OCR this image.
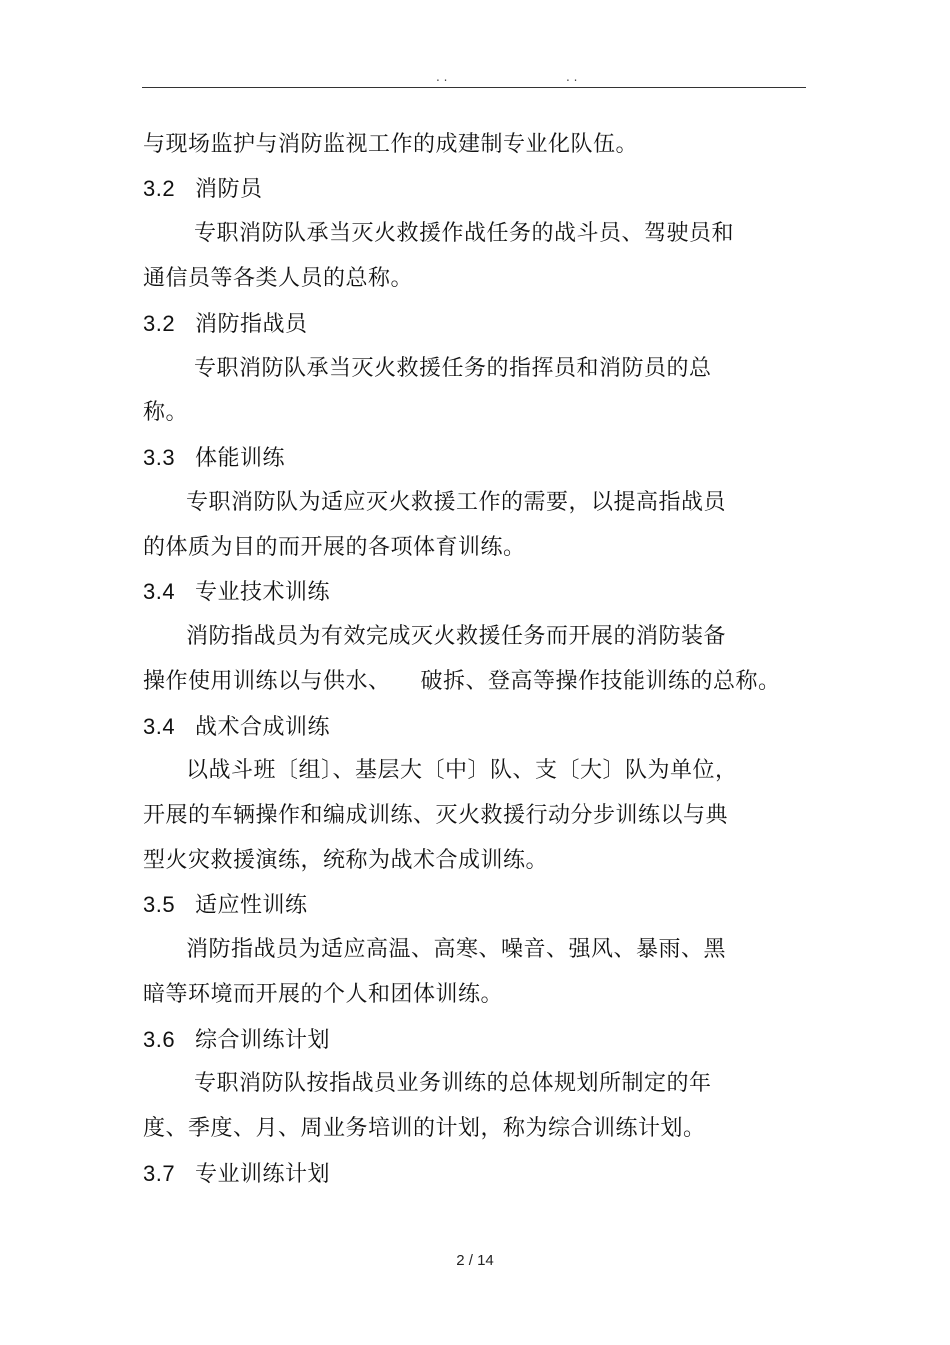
. .	. .
与现场监护与消防监视工作的成建制专业化队伍。
3.2 消防员
专职消防队承当灭火救援作战任务的战斗员、驾驶员和
通信员等各类人员的总称。
3.2 消防指战员
专职消防队承当灭火救援任务的指挥员和消防员的总
称。
3.3 体能训练
专职消防队为适应灭火救援工作的需要，以提高指战员
的体质为目的而开展的各项体育训练。
3.4 专业技术训练
消防指战员为有效完成灭火救援任务而开展的消防装备
操作使用训练以与供水、 破拆、登高等操作技能训练的总称。
3.4 战术合成训练
以战斗班〔组〕、基层大〔中〕队、支〔大〕队为单位，
开展的车辆操作和编成训练、灭火救援行动分步训练以与典
型火灾救援演练，统称为战术合成训练。
3.5 适应性训练
消防指战员为适应高温、高寒、噪音、强风、暴雨、黑
暗等环境而开展的个人和团体训练。
3.6 综合训练计划
专职消防队按指战员业务训练的总体规划所制定的年
度、季度、月、周业务培训的计划，称为综合训练计划。
3.7 专业训练计划
2 / 14
